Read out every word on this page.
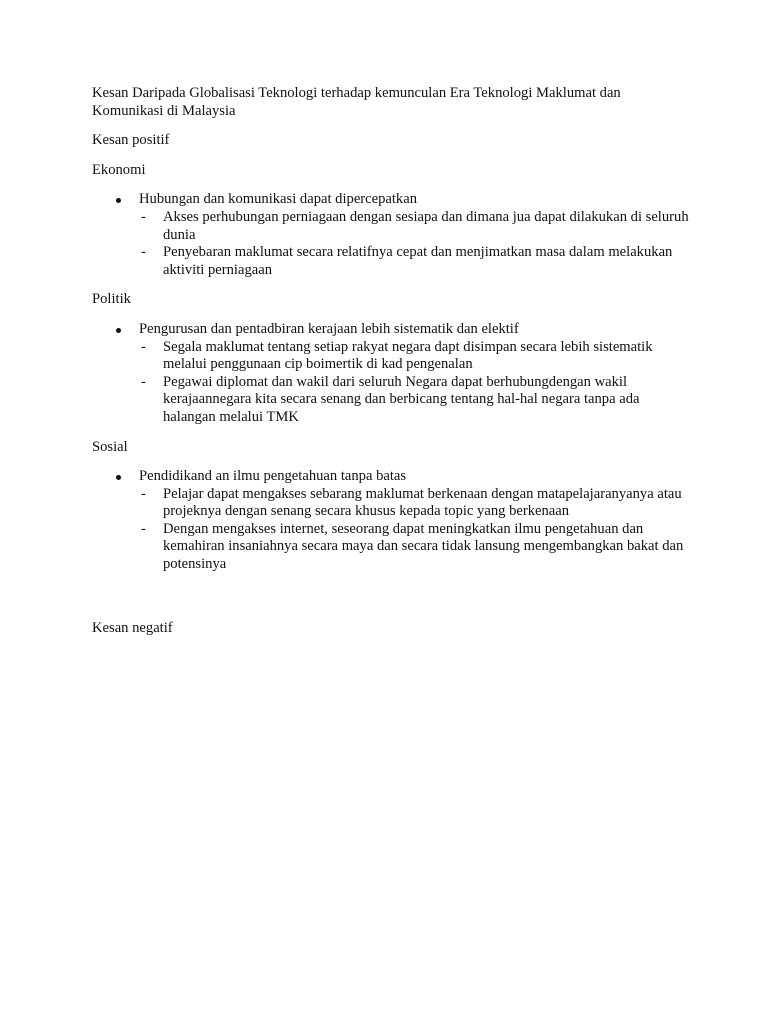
Kesan Daripada Globalisasi Teknologi terhadap kemunculan Era Teknologi Maklumat dan
Komunikasi di Malaysia

Kesan positif

Ekonomi

Hubungan dan komunikasi dapat dipercepatkan
- Akses perhubungan perniagaan dengan sesiapa dan dimana jua dapat dilakukan di seluruh dunia
- Penyebaran maklumat secara relatifnya cepat dan menjimatkan masa dalam melakukan aktiviti perniagaan

Politik

Pengurusan dan pentadbiran kerajaan lebih sistematik dan elektif
- Segala maklumat tentang setiap rakyat negara dapt disimpan secara lebih sistematik melalui penggunaan cip boimertik di kad pengenalan
- Pegawai diplomat dan wakil dari seluruh Negara dapat berhubungdengan wakil kerajaannegara kita secara senang dan berbicang tentang hal-hal negara tanpa ada halangan melalui TMK

Sosial

Pendidikand an ilmu pengetahuan tanpa batas
- Pelajar dapat mengakses sebarang maklumat berkenaan dengan matapelajaranyanya atau projeknya dengan senang secara khusus kepada topic yang berkenaan
- Dengan mengakses internet, seseorang dapat meningkatkan ilmu pengetahuan dan kemahiran insaniahnya secara maya dan secara tidak lansung mengembangkan bakat dan potensinya

Kesan negatif
